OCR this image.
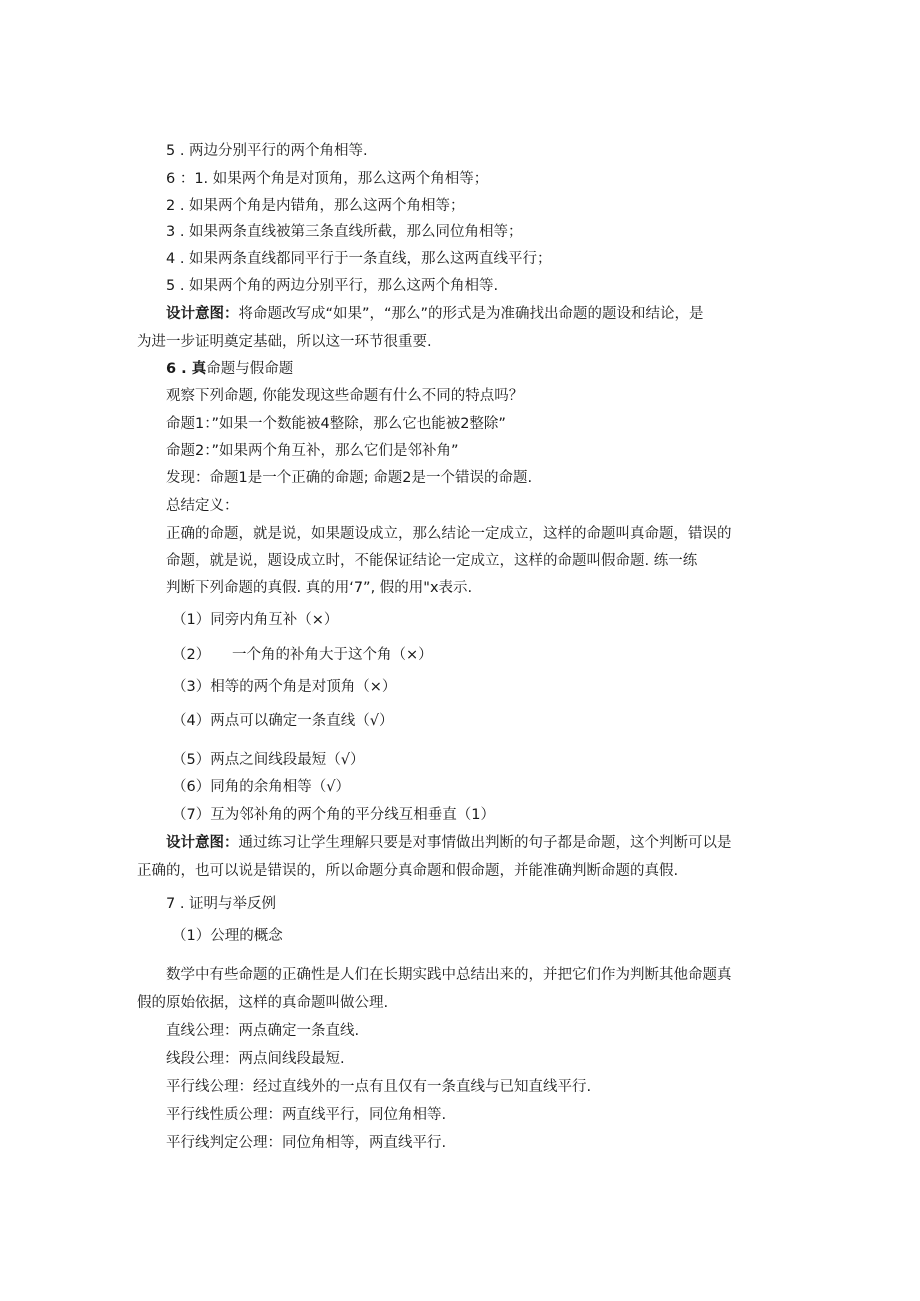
5 . 两边分别平行的两个角相等.
6 ：1. 如果两个角是对顶角，那么这两个角相等；
2 . 如果两个角是内错角，那么这两个角相等；
3 . 如果两条直线被第三条直线所截，那么同位角相等；
4 . 如果两条直线都同平行于一条直线，那么这两直线平行；
5 . 如果两个角的两边分别平行，那么这两个角相等.
设计意图：将命题改写成“如果”，“那么”的形式是为准确找出命题的题设和结论，是
为进一步证明奠定基础，所以这一环节很重要.
6 . 真命题与假命题
观察下列命题, 你能发现这些命题有什么不同的特点吗？
命题1：”如果一个数能被4整除，那么它也能被2整除”
命题2：”如果两个角互补，那么它们是邻补角”
发现：命题1是一个正确的命题; 命题2是一个错误的命题.
总结定义：
正确的命题，就是说，如果题设成立，那么结论一定成立，这样的命题叫真命题，错误的
命题，就是说，题设成立时，不能保证结论一定成立，这样的命题叫假命题. 练一练
判断下列命题的真假. 真的用‘7”, 假的用"x表示.
（1）同旁内角互补（×）
（2）　　一个角的补角大于这个角（×）
（3）相等的两个角是对顶角（×）
（4）两点可以确定一条直线（√）
（5）两点之间线段最短（√）
（6）同角的余角相等（√）
（7）互为邻补角的两个角的平分线互相垂直（1）
设计意图：通过练习让学生理解只要是对事情做出判断的句子都是命题，这个判断可以是
正确的，也可以说是错误的，所以命题分真命题和假命题，并能准确判断命题的真假.
7 . 证明与举反例
（1）公理的概念
数学中有些命题的正确性是人们在长期实践中总结出来的，并把它们作为判断其他命题真
假的原始依据，这样的真命题叫做公理.
直线公理：两点确定一条直线.
线段公理：两点间线段最短.
平行线公理：经过直线外的一点有且仅有一条直线与已知直线平行.
平行线性质公理：两直线平行，同位角相等.
平行线判定公理：同位角相等，两直线平行.
